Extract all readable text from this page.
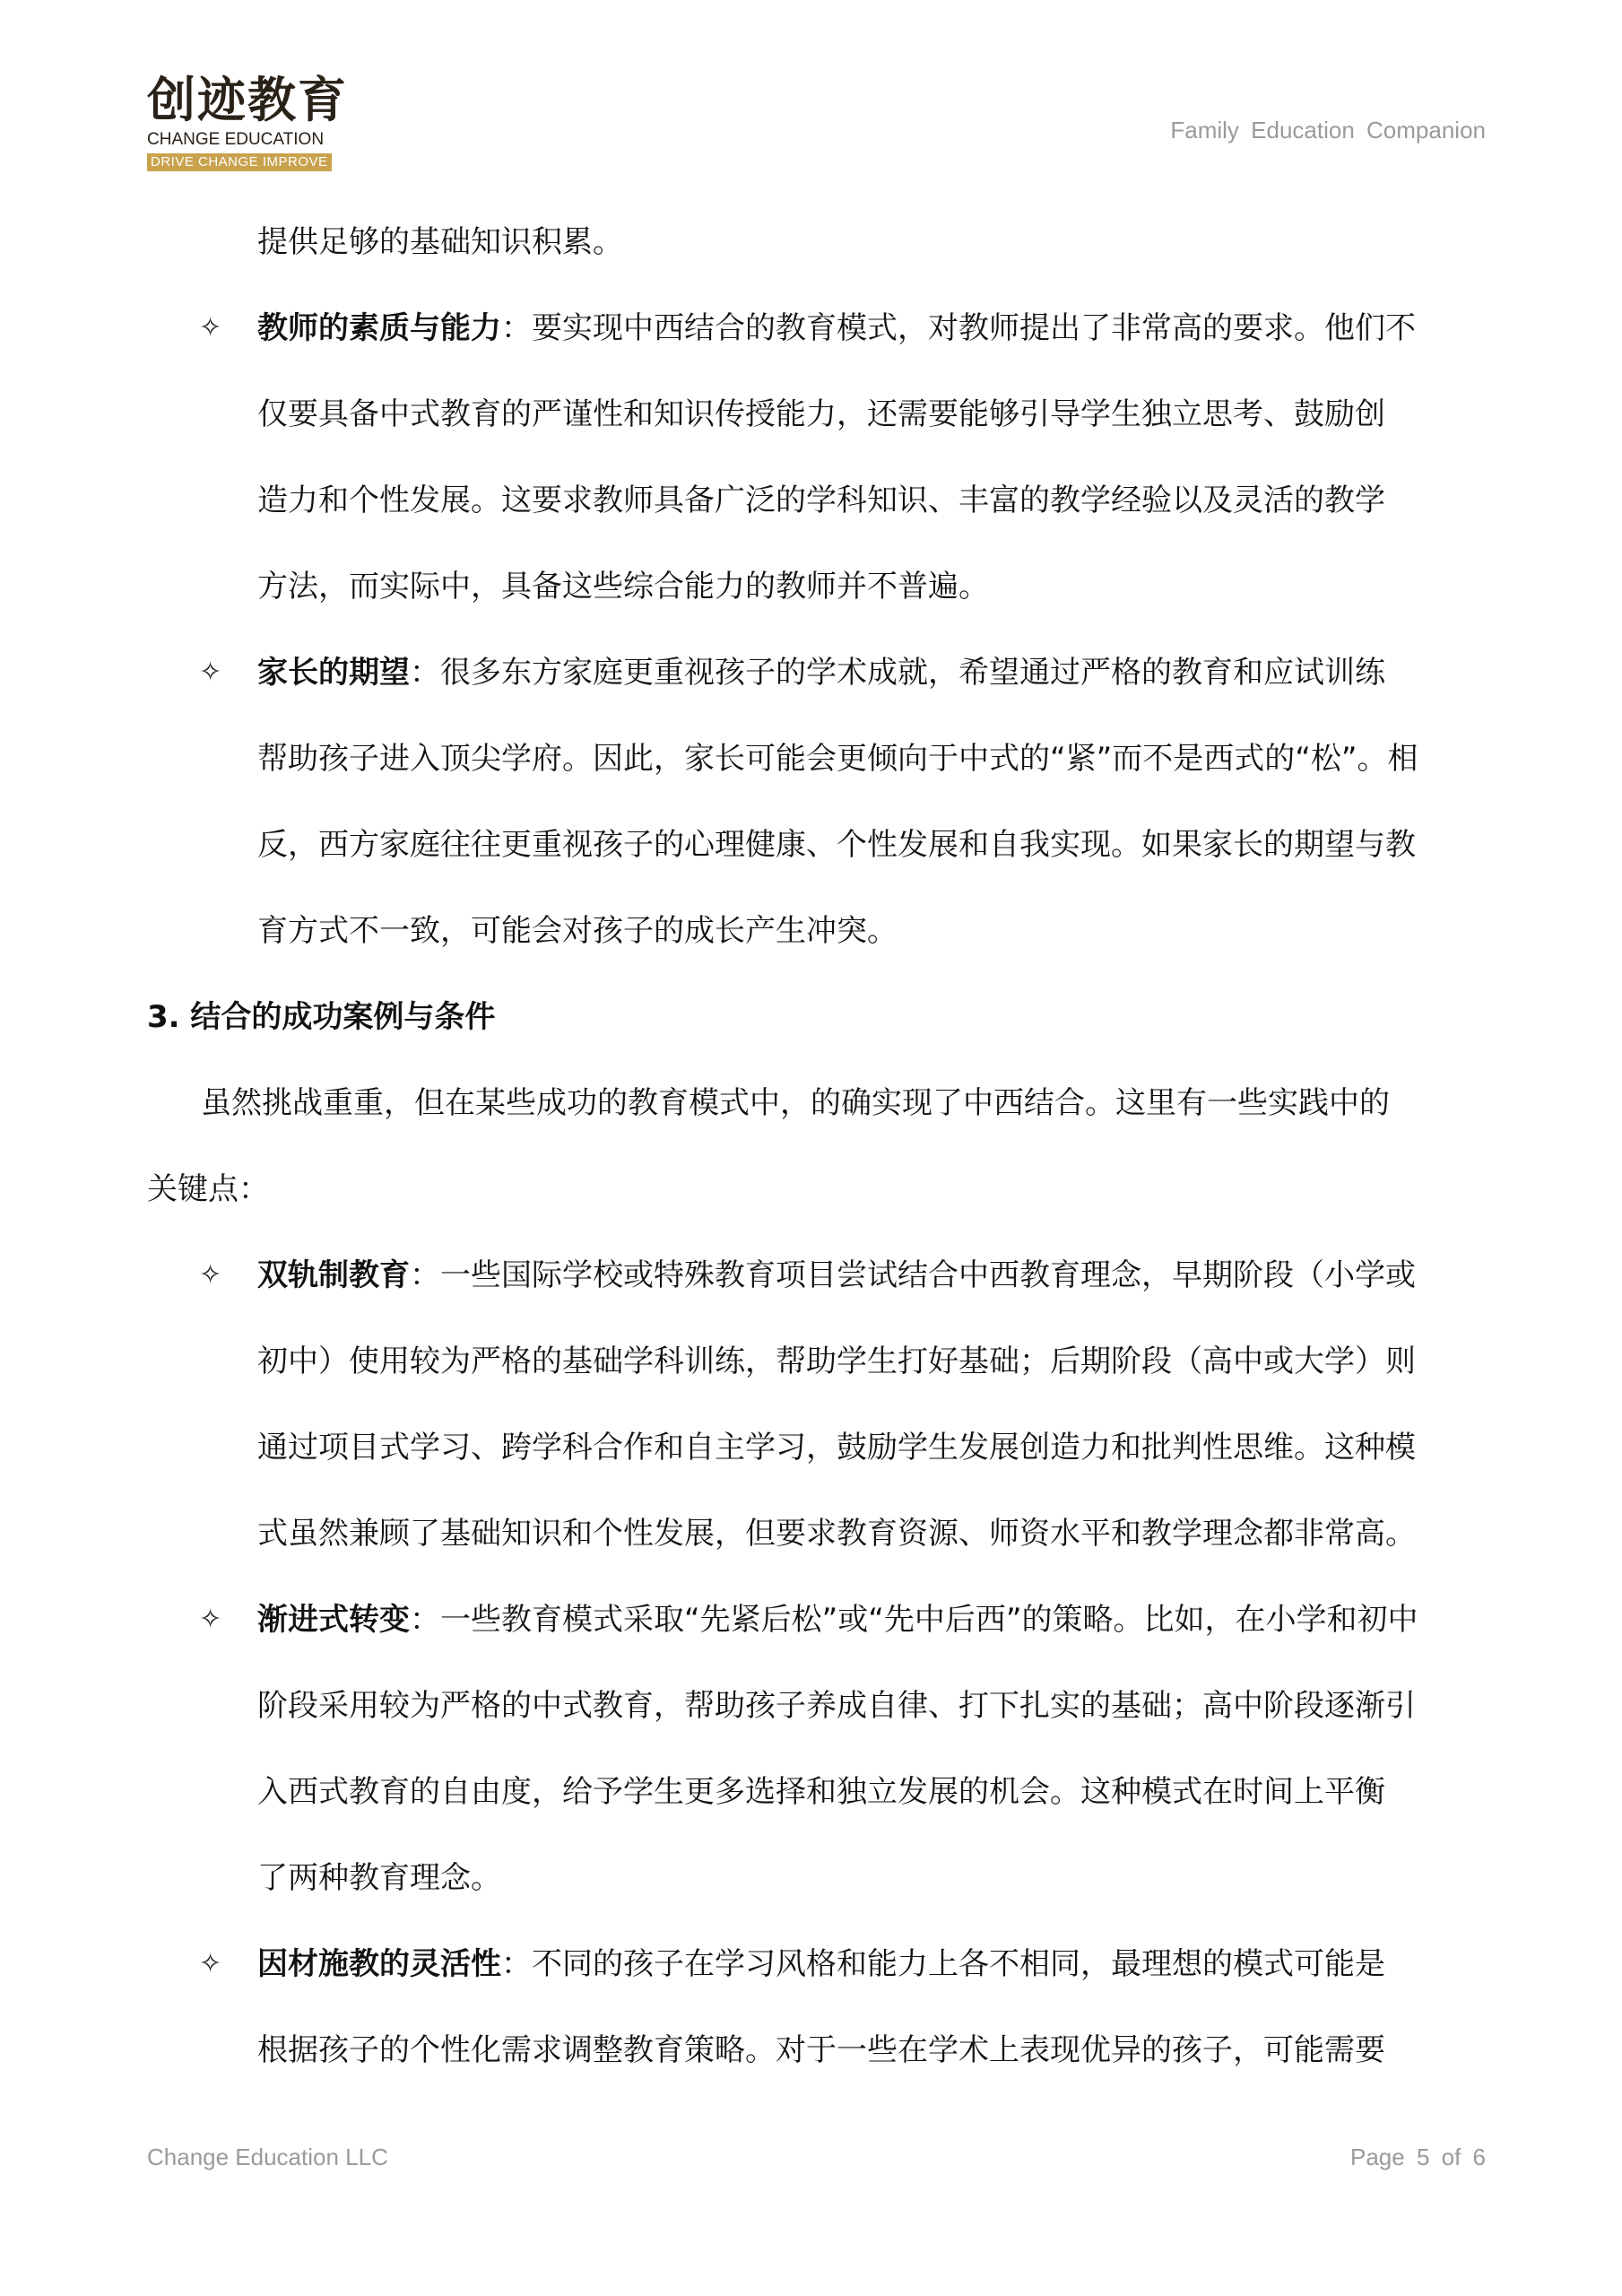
创迹教育
CHANGE EDUCATION
DRIVE CHANGE IMPROVE
Family Education Companion
提供足够的基础知识积累。
✧ 教师的素质与能力：要实现中西结合的教育模式，对教师提出了非常高的要求。他们不
仅要具备中式教育的严谨性和知识传授能力，还需要能够引导学生独立思考、鼓励创
造力和个性发展。这要求教师具备广泛的学科知识、丰富的教学经验以及灵活的教学
方法，而实际中，具备这些综合能力的教师并不普遍。
✧ 家长的期望：很多东方家庭更重视孩子的学术成就，希望通过严格的教育和应试训练
帮助孩子进入顶尖学府。因此，家长可能会更倾向于中式的“紧”而不是西式的“松”。相
反，西方家庭往往更重视孩子的心理健康、个性发展和自我实现。如果家长的期望与教
育方式不一致，可能会对孩子的成长产生冲突。
3. 结合的成功案例与条件
虽然挑战重重，但在某些成功的教育模式中，的确实现了中西结合。这里有一些实践中的
关键点：
✧ 双轨制教育：一些国际学校或特殊教育项目尝试结合中西教育理念，早期阶段（小学或
初中）使用较为严格的基础学科训练，帮助学生打好基础；后期阶段（高中或大学）则
通过项目式学习、跨学科合作和自主学习，鼓励学生发展创造力和批判性思维。这种模
式虽然兼顾了基础知识和个性发展，但要求教育资源、师资水平和教学理念都非常高。
✧ 渐进式转变：一些教育模式采取“先紧后松”或“先中后西”的策略。比如，在小学和初中
阶段采用较为严格的中式教育，帮助孩子养成自律、打下扎实的基础；高中阶段逐渐引
入西式教育的自由度，给予学生更多选择和独立发展的机会。这种模式在时间上平衡
了两种教育理念。
✧ 因材施教的灵活性：不同的孩子在学习风格和能力上各不相同，最理想的模式可能是
根据孩子的个性化需求调整教育策略。对于一些在学术上表现优异的孩子，可能需要
Change Education LLC	Page 5 of 6
